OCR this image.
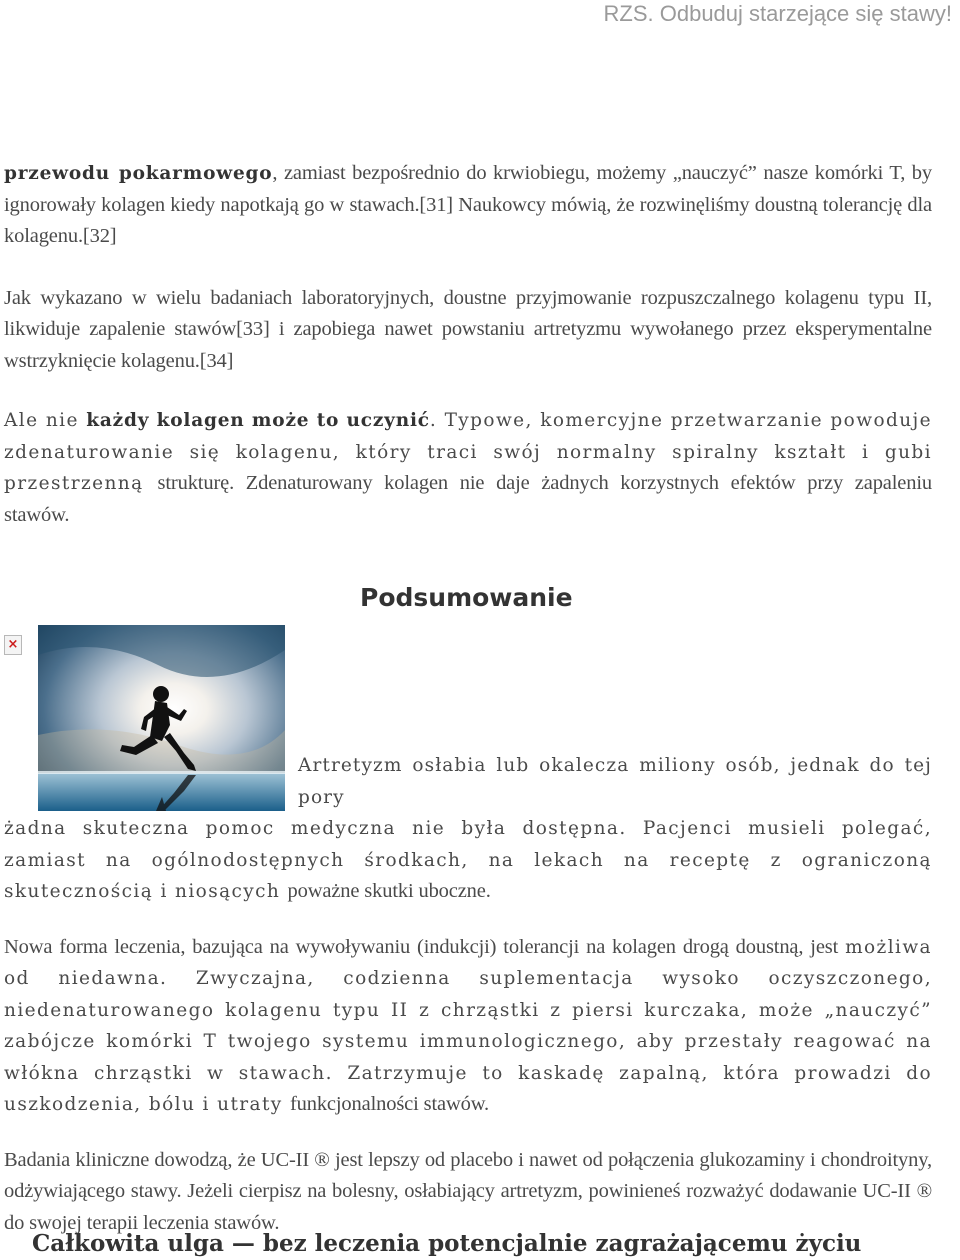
RZS. Odbuduj starzejące się stawy!

przewodu pokarmowego, zamiast bezpośrednio do krwiobiegu, możemy „nauczyć” nasze komórki T, by ignorowały kolagen kiedy napotkają go w stawach.[31] Naukowcy mówią, że rozwinęliśmy doustną tolerancję dla kolagenu.[32]

Jak wykazano w wielu badaniach laboratoryjnych, doustne przyjmowanie rozpuszczalnego kolagenu typu II, likwiduje zapalenie stawów[33] i zapobiega nawet powstaniu artretyzmu wywołanego przez eksperymentalne wstrzyknięcie kolagenu.[34]

Ale nie każdy kolagen może to uczynić. Typowe, komercyjne przetwarzanie powoduje zdenaturowanie się kolagenu, który traci swój normalny spiralny kształt i gubi przestrzenną strukturę. Zdenaturowany kolagen nie daje żadnych korzystnych efektów przy zapaleniu stawów.

Podsumowanie
×

Artretyzm osłabia lub okalecza miliony osób, jednak do tej pory

żadna skuteczna pomoc medyczna nie była dostępna. Pacjenci musieli polegać, zamiast na ogólnodostępnych środkach, na lekach na receptę z ograniczoną skutecznością i niosących poważne skutki uboczne.

Nowa forma leczenia, bazująca na wywoływaniu (indukcji) tolerancji na kolagen drogą doustną, jest możliwa od niedawna. Zwyczajna, codzienna suplementacja wysoko oczyszczonego, niedenaturowanego kolagenu typu II z chrząstki z piersi kurczaka, może „nauczyć” zabójcze komórki T twojego systemu immunologicznego, aby przestały reagować na włókna chrząstki w stawach. Zatrzymuje to kaskadę zapalną, która prowadzi do uszkodzenia, bólu i utraty funkcjonalności stawów.

Badania kliniczne dowodzą, że UC-II ® jest lepszy od placebo i nawet od połączenia glukozaminy i chondroityny, odżywiającego stawy. Jeżeli cierpisz na bolesny, osłabiający artretyzm, powinieneś rozważyć dodawanie UC-II ® do swojej terapii leczenia stawów.

Całkowita ulga — bez leczenia potencjalnie zagrażającemu życiu
